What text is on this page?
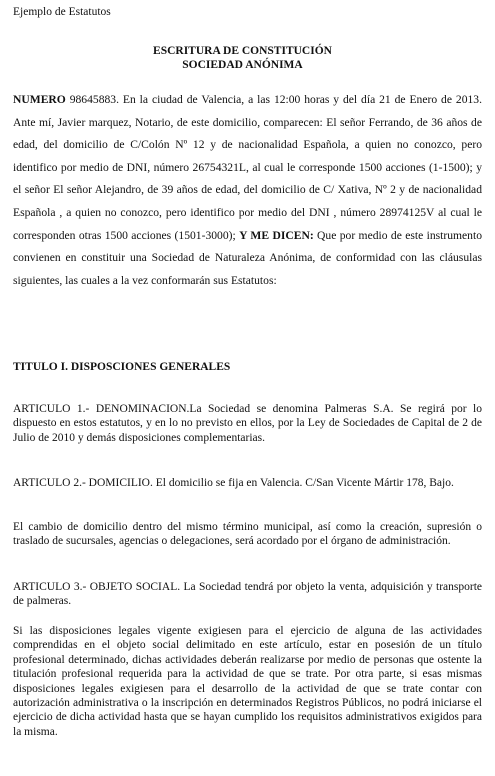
Ejemplo de Estatutos
ESCRITURA DE CONSTITUCIÓN
SOCIEDAD ANÓNIMA
NUMERO 98645883. En la ciudad de Valencia, a las 12:00 horas y del día 21 de Enero de 2013. Ante mí, Javier marquez, Notario, de este domicilio, comparecen: El señor Ferrando, de 36 años de edad, del domicilio de C/Colón Nº 12 y de nacionalidad Española, a quien no conozco, pero identifico por medio de DNI, número 26754321L, al cual le corresponde 1500 acciones (1-1500); y el señor El señor Alejandro, de 39 años de edad, del domicilio de C/ Xativa, Nº 2 y de nacionalidad Española , a quien no conozco, pero identifico por medio del DNI , número 28974125V al cual le corresponden otras 1500 acciones (1501-3000); Y ME DICEN: Que por medio de este instrumento convienen en constituir una Sociedad de Naturaleza Anónima, de conformidad con las cláusulas siguientes, las cuales a la vez conformarán sus Estatutos:
TITULO I. DISPOSCIONES GENERALES
ARTICULO 1.- DENOMINACION.La Sociedad se denomina Palmeras S.A. Se regirá por lo dispuesto en estos estatutos, y en lo no previsto en ellos, por la Ley de Sociedades de Capital de 2 de Julio de 2010 y demás disposiciones complementarias.
ARTICULO 2.- DOMICILIO. El domicilio se fija en Valencia. C/San Vicente Mártir 178, Bajo.
El cambio de domicilio dentro del mismo término municipal, así como la creación, supresión o traslado de sucursales, agencias o delegaciones, será acordado por el órgano de administración.
ARTICULO 3.- OBJETO SOCIAL. La Sociedad tendrá por objeto la venta, adquisición y transporte de palmeras.
Si las disposiciones legales vigente exigiesen para el ejercicio de alguna de las actividades comprendidas en el objeto social delimitado en este artículo, estar en posesión de un título profesional determinado, dichas actividades deberán realizarse por medio de personas que ostente la titulación profesional requerida para la actividad de que se trate. Por otra parte, si esas mismas disposiciones legales exigiesen para el desarrollo de la actividad de que se trate contar con autorización administrativa o la inscripción en determinados Registros Públicos, no podrá iniciarse el ejercicio de dicha actividad hasta que se hayan cumplido los requisitos administrativos exigidos para la misma.
